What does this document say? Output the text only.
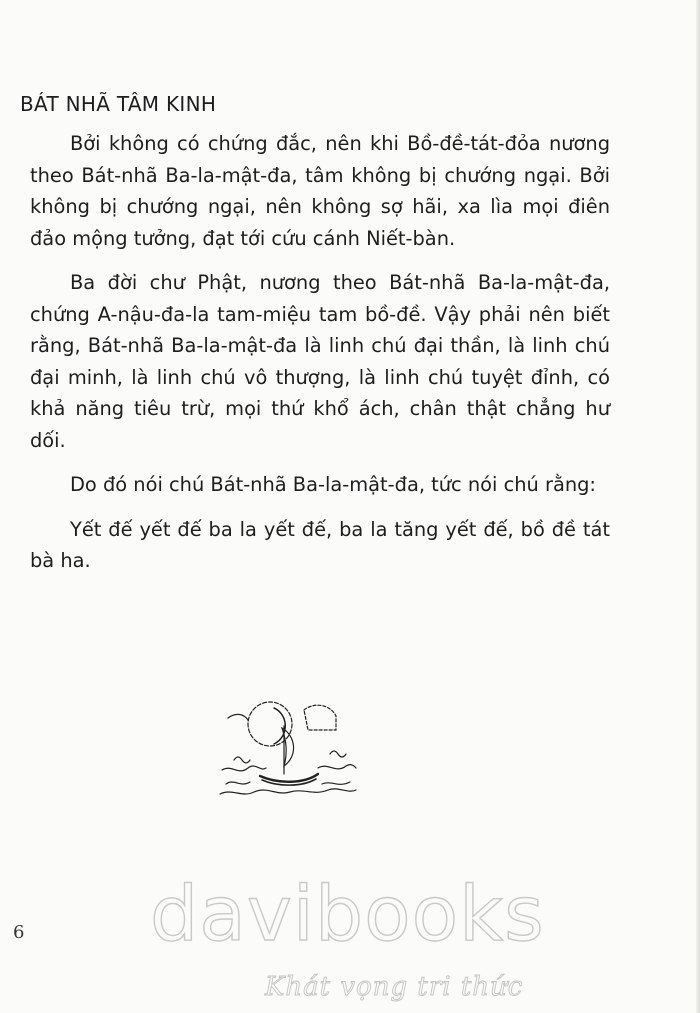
BÁT NHÃ TÂM KINH

Bởi không có chứng đắc, nên khi Bồ-đề-tát-đỏa nương theo Bát-nhã Ba-la-mật-đa, tâm không bị chướng ngại. Bởi không bị chướng ngại, nên không sợ hãi, xa lìa mọi điên đảo mộng tưởng, đạt tới cứu cánh Niết-bàn.

Ba đời chư Phật, nương theo Bát-nhã Ba-la-mật-đa, chứng A-nậu-đa-la tam-miệu tam bồ-đề. Vậy phải nên biết rằng, Bát-nhã Ba-la-mật-đa là linh chú đại thần, là linh chú đại minh, là linh chú vô thượng, là linh chú tuyệt đỉnh, có khả năng tiêu trừ, mọi thứ khổ ách, chân thật chẳng hư dối.

Do đó nói chú Bát-nhã Ba-la-mật-đa, tức nói chú rằng:

Yết đế yết đế ba la yết đế, ba la tăng yết đế, bồ đề tát bà ha.

6 davibooks
Khát vọng tri thức
